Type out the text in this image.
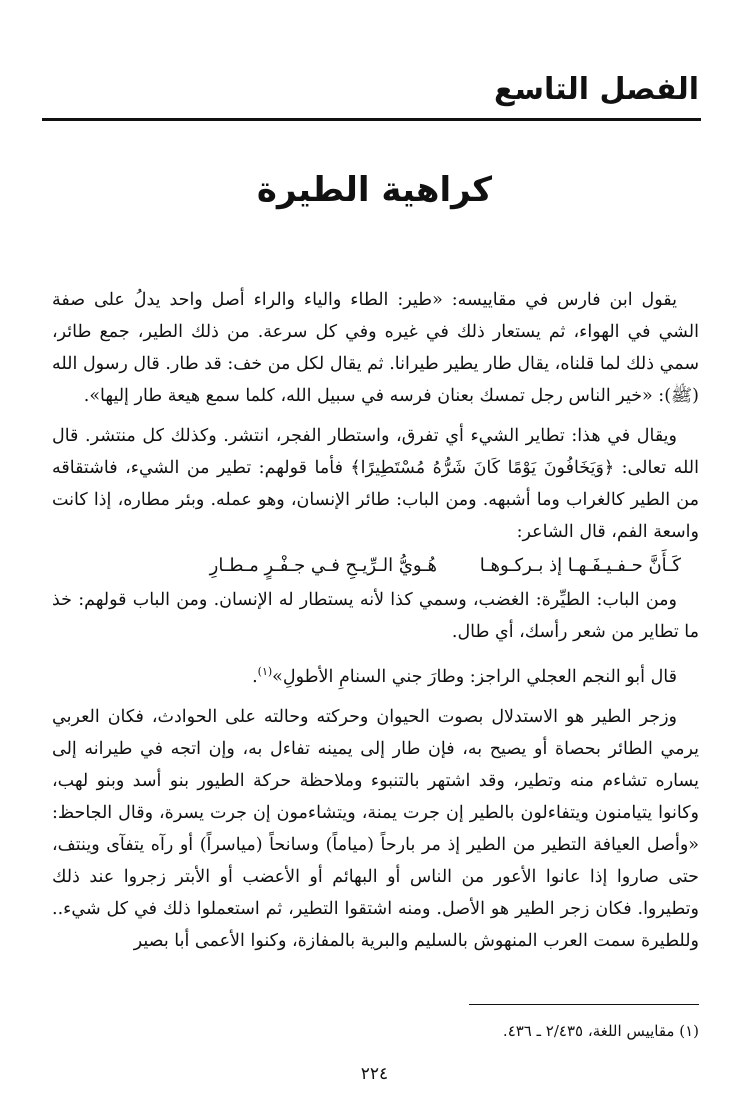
الفصل التاسع
كراهية الطيرة

يقول ابن فارس في مقاييسه: «طير: الطاء والياء والراء أصل واحد يدلُ على صفة الشي في الهواء، ثم يستعار ذلك في غيره وفي كل سرعة. من ذلك الطير، جمع طائر، سمي ذلك لما قلناه، يقال طار يطير طيرانا. ثم يقال لكل من خف: قد طار. قال رسول الله (ﷺ): «خير الناس رجل تمسك بعنان فرسه في سبيل الله، كلما سمع هيعة طار إليها».

ويقال في هذا: تطاير الشيء أي تفرق، واستطار الفجر، انتشر. وكذلك كل منتشر. قال الله تعالى: ﴿وَيَخَافُونَ يَوْمًا كَانَ شَرُّهُ مُسْتَطِيرًا﴾ فأما قولهم: تطير من الشيء، فاشتقاقه من الطير كالغراب وما أشبهه. ومن الباب: طائر الإنسان، وهو عمله. وبئر مطاره، إذا كانت واسعة الفم، قال الشاعر:

كَـأَنَّ حـفـيـفَـهـا إذ بـركـوهـا هُـويُّ الـرِّيـحِ فـي جـفْـرٍ مـطـارِ

ومن الباب: الطيِّرة: الغضب، وسمي كذا لأنه يستطار له الإنسان. ومن الباب قولهم: خذ ما تطاير من شعر رأسك، أي طال.

قال أبو النجم العجلي الراجز: وطارَ جني السنامِ الأطولِ»$^{(١)}$.

وزجر الطير هو الاستدلال بصوت الحيوان وحركته وحالته على الحوادث، فكان العربي يرمي الطائر بحصاة أو يصيح به، فإن طار إلى يمينه تفاءل به، وإن اتجه في طيرانه إلى يساره تشاءم منه وتطير، وقد اشتهر بالتنبوء وملاحظة حركة الطيور بنو أسد وبنو لهب، وكانوا يتيامنون ويتفاءلون بالطير إن جرت يمنة، ويتشاءمون إن جرت يسرة، وقال الجاحظ: «وأصل العيافة التطير من الطير إذ مر بارحاً (مياماً) وسانحاً (مياسراً) أو رآه يتفآى وينتف، حتى صاروا إذا عانوا الأعور من الناس أو البهائم أو الأعضب أو الأبتر زجروا عند ذلك وتطيروا. فكان زجر الطير هو الأصل. ومنه اشتقوا التطير، ثم استعملوا ذلك في كل شيء.. وللطيرة سمت العرب المنهوش بالسليم والبرية بالمفازة، وكنوا الأعمى أبا بصير

(١) مقاييس اللغة، ٢/٤٣٥ ـ ٤٣٦.

٢٢٤
